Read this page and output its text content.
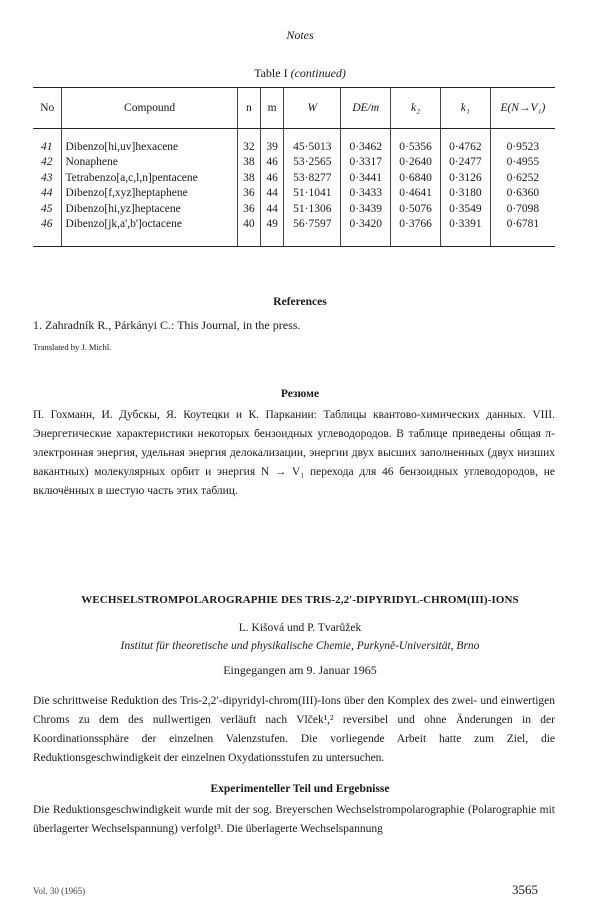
Notes
Table I (continued)
No	Compound	n	m	W	DE/m	k₂	k₁	E(N→V₁)
41	Dibenzo[hi,uv]hexacene	32	39	45·5013	0·3462	0·5356	0·4762	0·9523
42	Nonaphene	38	46	53·2565	0·3317	0·2640	0·2477	0·4955
43	Tetrabenzo[a,c,l,n]pentacene	38	46	53·8277	0·3441	0·6840	0·3126	0·6252
44	Dibenzo[f,xyz]heptaphene	36	44	51·1041	0·3433	0·4641	0·3180	0·6360
45	Dibenzo[hi,yz]heptacene	36	44	51·1306	0·3439	0·5076	0·3549	0·7098
46	Dibenzo[jk,a',b']octacene	40	49	56·7597	0·3420	0·3766	0·3391	0·6781
References
1. Zahradník R., Párkányi C.: This Journal, in the press.
Translated by J. Michl.
Резюме
П. Гохманн, И. Дубскы, Я. Коутецки и К. Паркании: Таблицы квантово-химических данных. VIII. Энергетические характеристики некоторых бензоидных углеводородов. В таблице приведены общая π-электронная энергия, удельная энергия делокализации, энергии двух высших заполненных (двух низших вакантных) молекулярных орбит и энергия N → V₁ перехода для 46 бензоидных углеводородов, не включённых в шестую часть этих таблиц.
WECHSELSTROMPOLAROGRAPHIE DES TRIS-2,2′-DIPYRIDYL-CHROM(III)-IONS
L. Kišová und P. Tvarůžek
Institut für theoretische und physikalische Chemie, Purkyně-Universität, Brno
Eingegangen am 9. Januar 1965
Die schrittweise Reduktion des Tris-2,2′-dipyridyl-chrom(III)-Ions über den Komplex des zwei- und einwertigen Chroms zu dem des nullwertigen verläuft nach Vlček¹,² reversibel und ohne Änderungen in der Koordinationssphäre der einzelnen Valenzstufen. Die vorliegende Arbeit hatte zum Ziel, die Reduktionsgeschwindigkeit der einzelnen Oxydationsstufen zu untersuchen.
Experimenteller Teil und Ergebnisse
Die Reduktionsgeschwindigkeit wurde mit der sog. Breyerschen Wechselstrompolarographie (Polarographie mit überlagerter Wechselspannung) verfolgt³. Die überlagerte Wechselspannung
Vol. 30 (1965)	3565
